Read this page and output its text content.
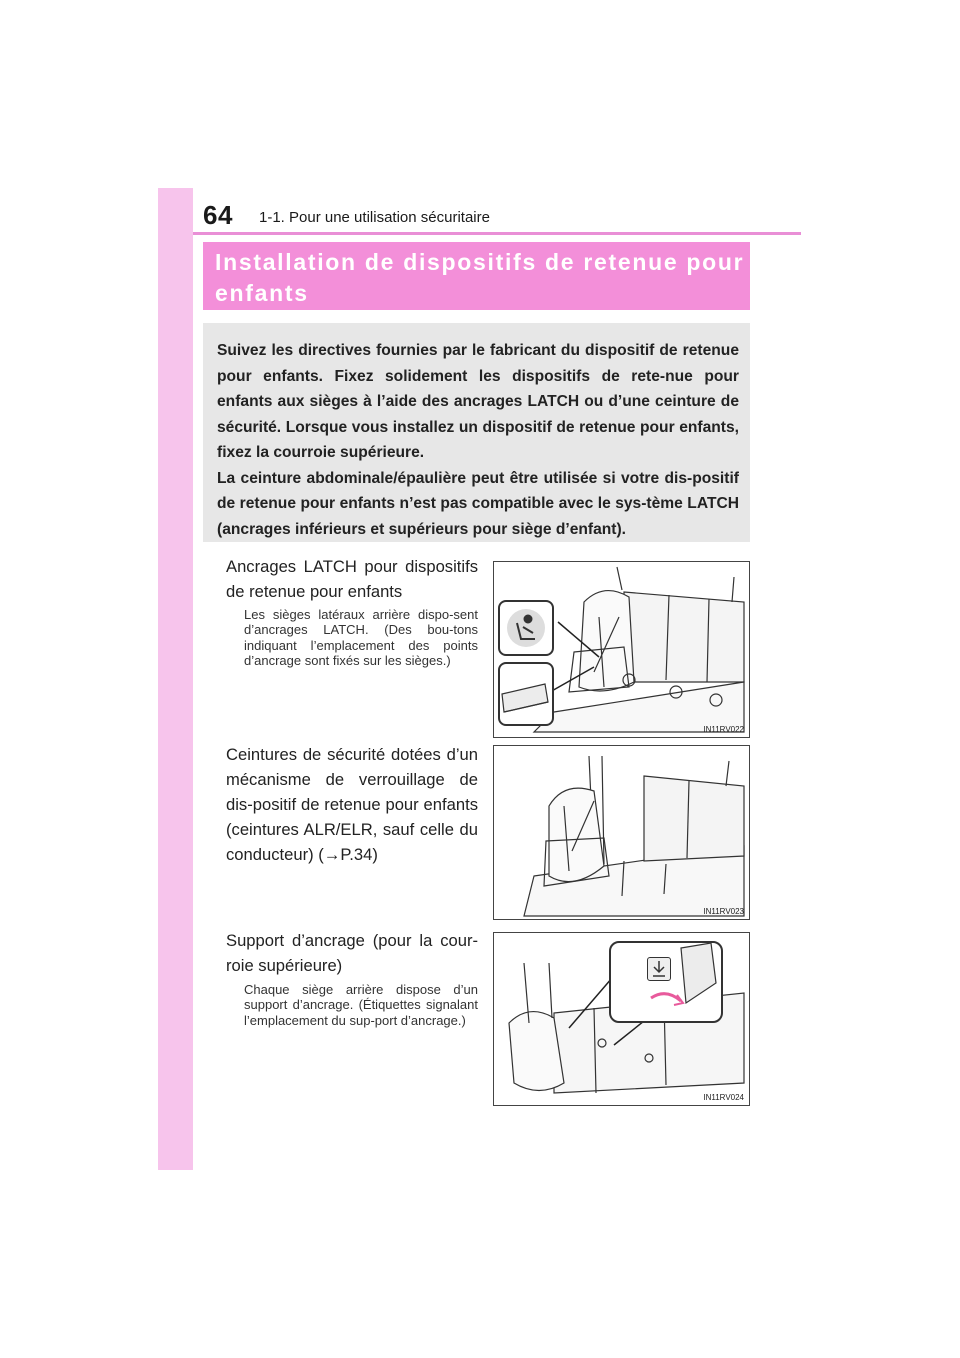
64 1-1. Pour une utilisation sécuritaire
Installation de dispositifs de retenue pour enfants

Suivez les directives fournies par le fabricant du dispositif de retenue pour enfants. Fixez solidement les dispositifs de rete-nue pour enfants aux sièges à l’aide des ancrages LATCH ou d’une ceinture de sécurité. Lorsque vous installez un dispositif de retenue pour enfants, fixez la courroie supérieure.

La ceinture abdominale/épaulière peut être utilisée si votre dis-positif de retenue pour enfants n’est pas compatible avec le sys-tème LATCH (ancrages inférieurs et supérieurs pour siège d’enfant).

Ancrages LATCH pour dispositifs de retenue pour enfants

Les sièges latéraux arrière dispo-sent d’ancrages LATCH. (Des bou-tons indiquant l’emplacement des points d’ancrage sont fixés sur les sièges.)

IN11RV022

Ceintures de sécurité dotées d’un mécanisme de verrouillage de dis-positif de retenue pour enfants (ceintures ALR/ELR, sauf celle du conducteur) (→P.34)

IN11RV023

Support d’ancrage (pour la cour-roie supérieure)

Chaque siège arrière dispose d’un support d’ancrage. (Étiquettes signalant l’emplacement du sup-port d’ancrage.)

IN11RV024
